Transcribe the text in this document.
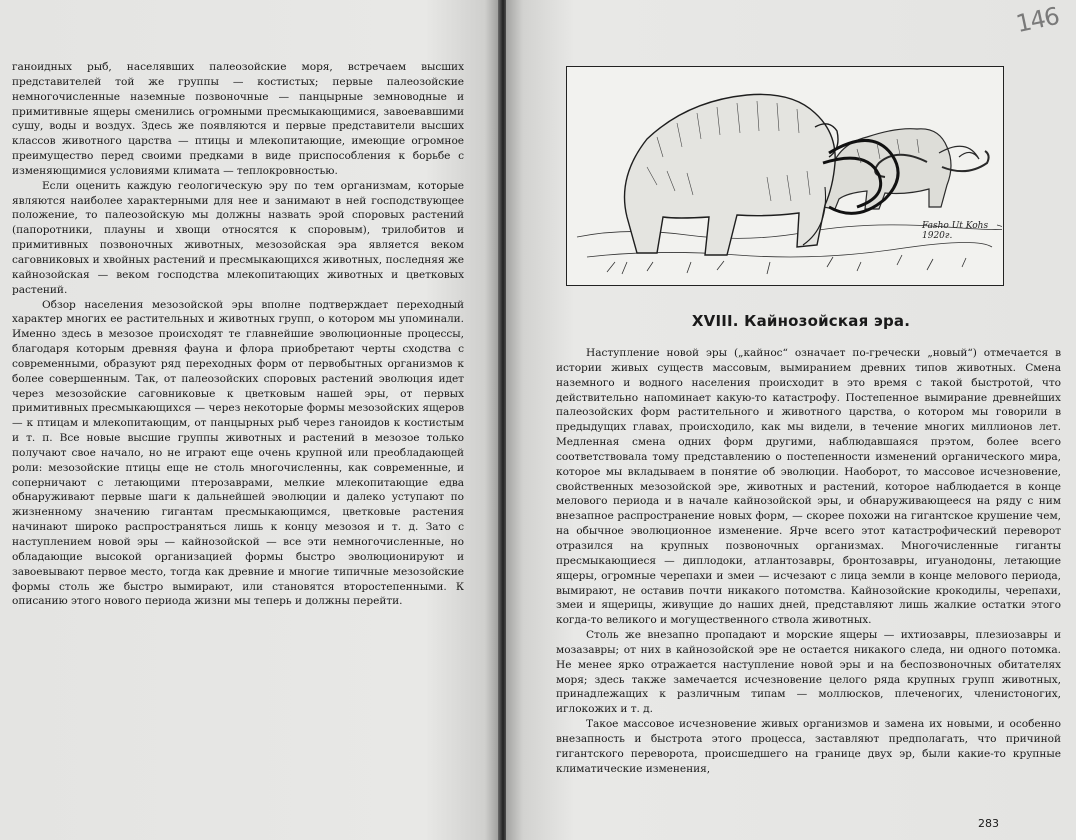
ганоидных рыб, населявших палеозойские моря, встречаем высших представителей той же группы — костистых; первые палеозойские немногочисленные наземные позвоночные — панцырные земноводные и примитивные ящеры сменились огромными пресмыкающимися, завоевавшими сушу, воды и воздух. Здесь же появляются и первые представители высших классов животного царства — птицы и млекопитающие, имеющие огромное преимущество перед своими предками в виде приспособления к борьбе с изменяющимися условиями климата — теплокровностью.

Если оценить каждую геологическую эру по тем организмам, которые являются наиболее характерными для нее и занимают в ней господствующее положение, то палеозойскую мы должны назвать эрой споровых растений (папоротники, плауны и хвощи относятся к споровым), трилобитов и примитивных позвоночных животных, мезозойская эра является веком саговниковых и хвойных растений и пресмыкающихся животных, последняя же кайнозойская — веком господства млекопитающих животных и цветковых растений.

Обзор населения мезозойской эры вполне подтверждает переходный характер многих ее растительных и животных групп, о котором мы упоминали. Именно здесь в мезозое происходят те главнейшие эволюционные процессы, благодаря которым древняя фауна и флора приобретают черты сходства с современными, образуют ряд переходных форм от первобытных организмов к более совершенным. Так, от палеозойских споровых растений эволюция идет через мезозойские саговниковые к цветковым нашей эры, от первых примитивных пресмыкающихся — через некоторые формы мезозойских ящеров — к птицам и млекопитающим, от панцырных рыб через ганоидов к костистым и т. п. Все новые высшие группы животных и растений в мезозое только получают свое начало, но не играют еще очень крупной или преобладающей роли: мезозойские птицы еще не столь многочисленны, как современные, и соперничают с летающими птерозаврами, мелкие млекопитающие едва обнаруживают первые шаги к дальнейшей эволюции и далеко уступают по жизненному значению гигантам пресмыкающимся, цветковые растения начинают широко распространяться лишь к концу мезозоя и т. д. Зато с наступлением новой эры — кайнозойской — все эти немногочисленные, но обладающие высокой организацией формы быстро эволюционируют и завоевывают первое место, тогда как древние и многие типичные мезозойские формы столь же быстро вымирают, или становятся второстепенными. К описанию этого нового периода жизни мы теперь и должны перейти.

Fasho Ut Kohs 1920г.
XVIII. Кайнозойская эра.

Наступление новой эры („кайнос“ означает по-гречески „новый“) отмечается в истории живых существ массовым, вымиранием древних типов животных. Смена наземного и водного населения происходит в это время с такой быстротой, что действительно напоминает какую-то катастрофу. Постепенное вымирание древнейших палеозойских форм растительного и животного царства, о котором мы говорили в предыдущих главах, происходило, как мы видели, в течение многих миллионов лет. Медленная смена одних форм другими, наблюдавшаяся прэтом, более всего соответствовала тому представлению о постепенности изменений органического мира, которое мы вкладываем в понятие об эволюции. Наоборот, то массовое исчезновение, свойственных мезозойской эре, животных и растений, которое наблюдается в конце мелового периода и в начале кайнозойской эры, и обнаруживающееся на ряду с ним внезапное распространение новых форм, — скорее похожи на гигантское крушение чем, на обычное эволюционное изменение. Ярче всего этот катастрофический переворот отразился на крупных позвоночных организмах. Многочисленные гиганты пресмыкающиеся — диплодоки, атлантозавры, бронтозавры, игуанодоны, летающие ящеры, огромные черепахи и змеи — исчезают с лица земли в конце мелового периода, вымирают, не оставив почти никакого потомства. Кайнозойские крокодилы, черепахи, змеи и ящерицы, живущие до наших дней, представляют лишь жалкие остатки этого когда-то великого и могущественного ствола животных.

Столь же внезапно пропадают и морские ящеры — ихтиозавры, плезиозавры и мозазавры; от них в кайнозойской эре не остается никакого следа, ни одного потомка. Не менее ярко отражается наступление новой эры и на беспозвоночных обитателях моря; здесь также замечается исчезновение целого ряда крупных групп животных, принадлежащих к различным типам — моллюсков, плеченогих, членистоногих, иглокожих и т. д.

Такое массовое исчезновение живых организмов и замена их новыми, и особенно внезапность и быстрота этого процесса, заставляют предполагать, что причиной гигантского переворота, происшедшего на границе двух эр, были какие-то крупные климатические изменения,

283
146
